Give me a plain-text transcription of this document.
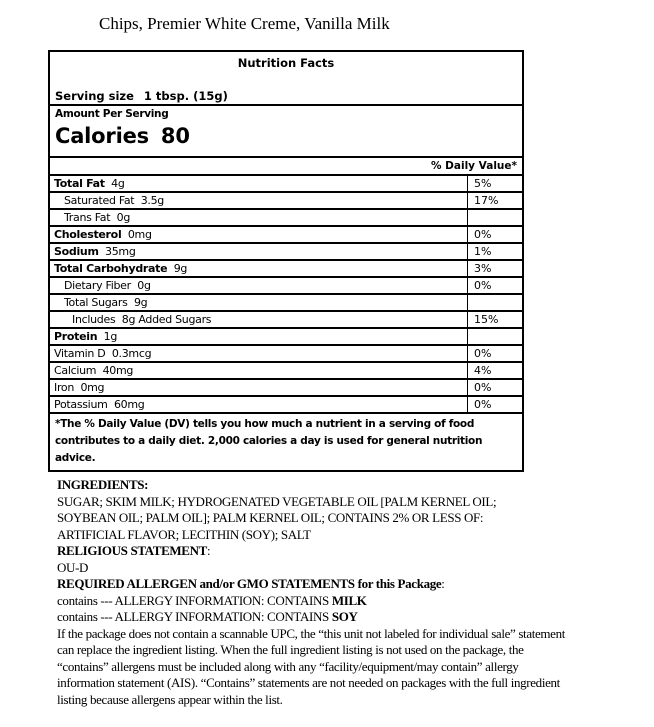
Chips, Premier White Creme, Vanilla Milk
Nutrition Facts
Serving size 1 tbsp. (15g)
Amount Per Serving
Calories 80
% Daily Value*
Total Fat 4g	5%
Saturated Fat 3.5g	17%
Trans Fat 0g
Cholesterol 0mg	0%
Sodium 35mg	1%
Total Carbohydrate 9g	3%
Dietary Fiber 0g	0%
Total Sugars 9g
Includes 8g Added Sugars	15%
Protein 1g
Vitamin D 0.3mcg	0%
Calcium 40mg	4%
Iron 0mg	0%
Potassium 60mg	0%
*The % Daily Value (DV) tells you how much a nutrient in a serving of food contributes to a daily diet. 2,000 calories a day is used for general nutrition advice.
INGREDIENTS:
SUGAR; SKIM MILK; HYDROGENATED VEGETABLE OIL [PALM KERNEL OIL;
SOYBEAN OIL; PALM OIL]; PALM KERNEL OIL; CONTAINS 2% OR LESS OF:
ARTIFICIAL FLAVOR; LECITHIN (SOY); SALT
RELIGIOUS STATEMENT:
OU-D
REQUIRED ALLERGEN and/or GMO STATEMENTS for this Package:
contains --- ALLERGY INFORMATION: CONTAINS MILK
contains --- ALLERGY INFORMATION: CONTAINS SOY
If the package does not contain a scannable UPC, the “this unit not labeled for individual sale” statement can replace the ingredient listing. When the full ingredient listing is not used on the package, the “contains” allergens must be included along with any “facility/equipment/may contain” allergy information statement (AIS). “Contains” statements are not needed on packages with the full ingredient listing because allergens appear within the list.
